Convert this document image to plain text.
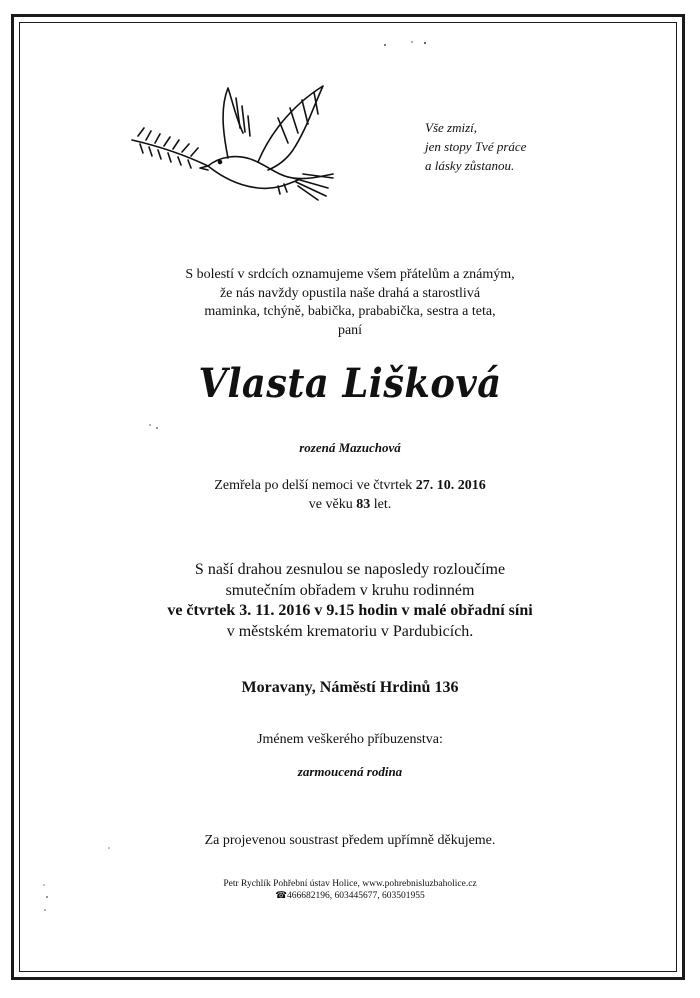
Vše zmizí,
jen stopy Tvé práce
a lásky zůstanou.
S bolestí v srdcích oznamujeme všem přátelům a známým,
že nás navždy opustila naše drahá a starostlivá
maminka, tchýně, babička, prababička, sestra a teta,
paní
Vlasta Lišková
rozená Mazuchová
Zemřela po delší nemoci ve čtvrtek 27. 10. 2016
ve věku 83 let.
S naší drahou zesnulou se naposledy rozloučíme
smutečním obřadem v kruhu rodinném
ve čtvrtek 3. 11. 2016 v 9.15 hodin v malé obřadní síni
v městském krematoriu v Pardubicích.
Moravany, Náměstí Hrdinů 136
Jménem veškerého příbuzenstva:
zarmoucená rodina
Za projevenou soustrast předem upřímně děkujeme.
Petr Rychlík Pohřební ústav Holice, www.pohrebnisluzbaholice.cz
☎466682196, 603445677, 603501955
